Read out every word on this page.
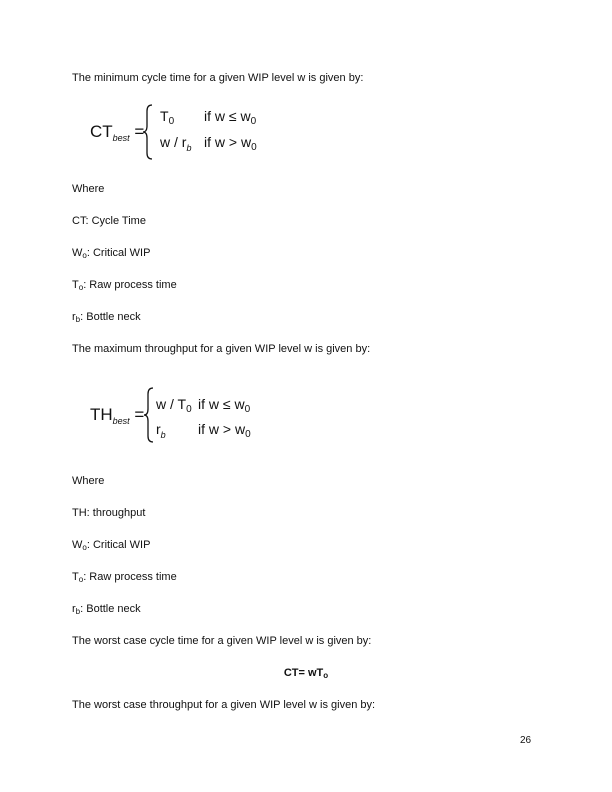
The minimum cycle time for a given WIP level w is given by:
$CT_{best}$ =
$T_0$ if $w \le w_0$
w / $r_b$ if $w > w_0$
Where
CT: Cycle Time
$W_o$: Critical WIP
$T_o$: Raw process time
$r_b$: Bottle neck
The maximum throughput for a given WIP level w is given by:
$TH_{best}$ =
w / $T_0$ if $w \le w_0$
$r_b$ if $w > w_0$
Where
TH: throughput
$W_o$: Critical WIP
$T_o$: Raw process time
$r_b$: Bottle neck
The worst case cycle time for a given WIP level w is given by:
$CT= wT_o$
The worst case throughput for a given WIP level w is given by:
26
